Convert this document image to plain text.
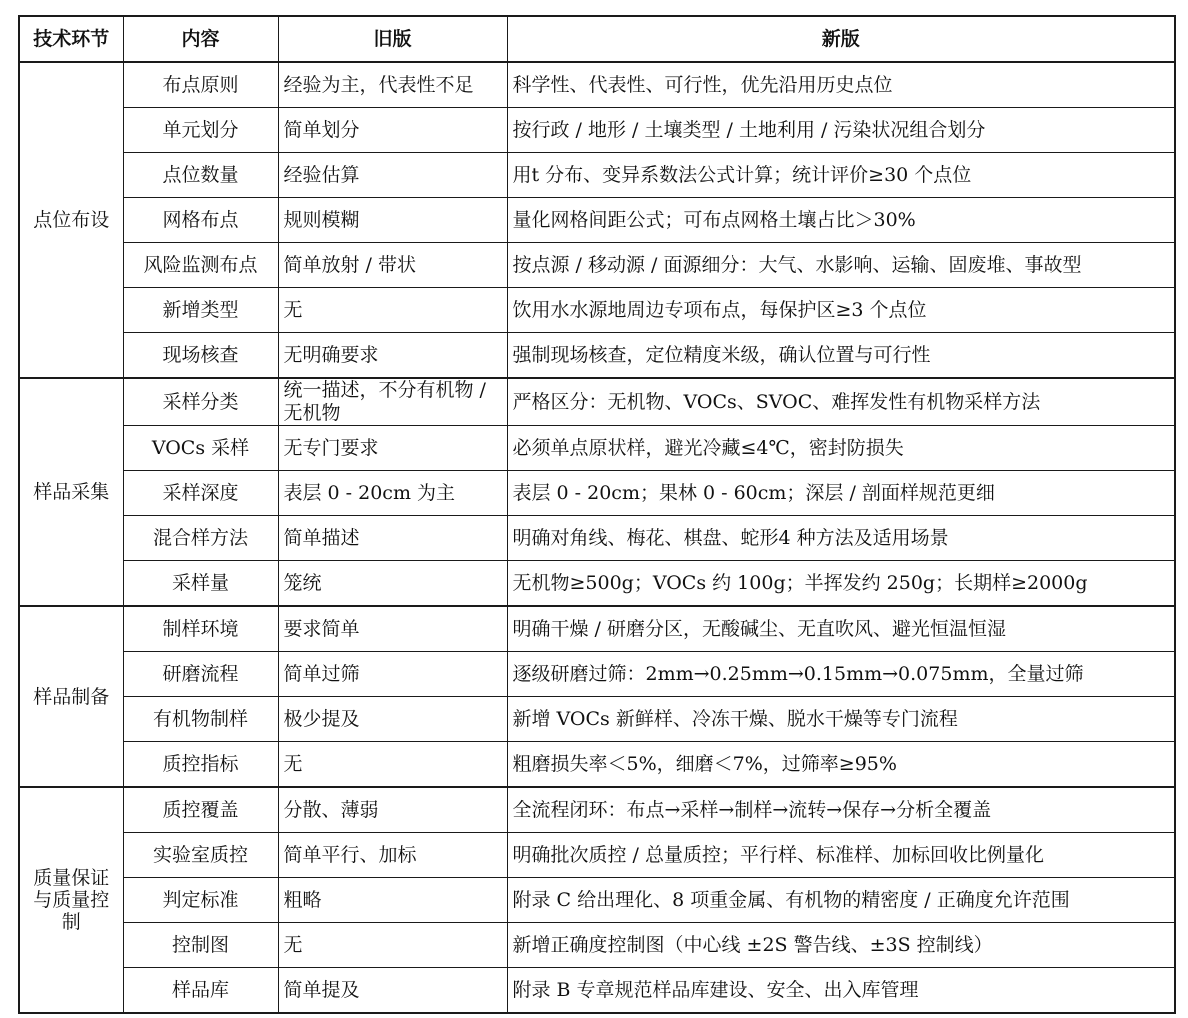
技术环节	内容	旧版	新版
点位布设	布点原则	经验为主，代表性不足	科学性、代表性、可行性，优先沿用历史点位
	单元划分	简单划分	按行政 / 地形 / 土壤类型 / 土地利用 / 污染状况组合划分
	点位数量	经验估算	用t 分布、变异系数法公式计算；统计评价≥30 个点位
	网格布点	规则模糊	量化网格间距公式；可布点网格土壤占比＞30%
	风险监测布点	简单放射 / 带状	按点源 / 移动源 / 面源细分：大气、水影响、运输、固废堆、事故型
	新增类型	无	饮用水水源地周边专项布点，每保护区≥3 个点位
	现场核查	无明确要求	强制现场核查，定位精度米级，确认位置与可行性
样品采集	采样分类	统一描述，不分有机物 / 无机物	严格区分：无机物、VOCs、SVOC、难挥发性有机物采样方法
	VOCs 采样	无专门要求	必须单点原状样，避光冷藏≤4℃，密封防损失
	采样深度	表层 0 - 20cm 为主	表层 0 - 20cm；果林 0 - 60cm；深层 / 剖面样规范更细
	混合样方法	简单描述	明确对角线、梅花、棋盘、蛇形4 种方法及适用场景
	采样量	笼统	无机物≥500g；VOCs 约 100g；半挥发约 250g；长期样≥2000g
样品制备	制样环境	要求简单	明确干燥 / 研磨分区，无酸碱尘、无直吹风、避光恒温恒湿
	研磨流程	简单过筛	逐级研磨过筛：2mm→0.25mm→0.15mm→0.075mm，全量过筛
	有机物制样	极少提及	新增 VOCs 新鲜样、冷冻干燥、脱水干燥等专门流程
	质控指标	无	粗磨损失率＜5%，细磨＜7%，过筛率≥95%
质量保证与质量控制	质控覆盖	分散、薄弱	全流程闭环：布点→采样→制样→流转→保存→分析全覆盖
	实验室质控	简单平行、加标	明确批次质控 / 总量质控；平行样、标准样、加标回收比例量化
	判定标准	粗略	附录 C 给出理化、8 项重金属、有机物的精密度 / 正确度允许范围
	控制图	无	新增正确度控制图（中心线 ±2S 警告线、±3S 控制线）
	样品库	简单提及	附录 B 专章规范样品库建设、安全、出入库管理
